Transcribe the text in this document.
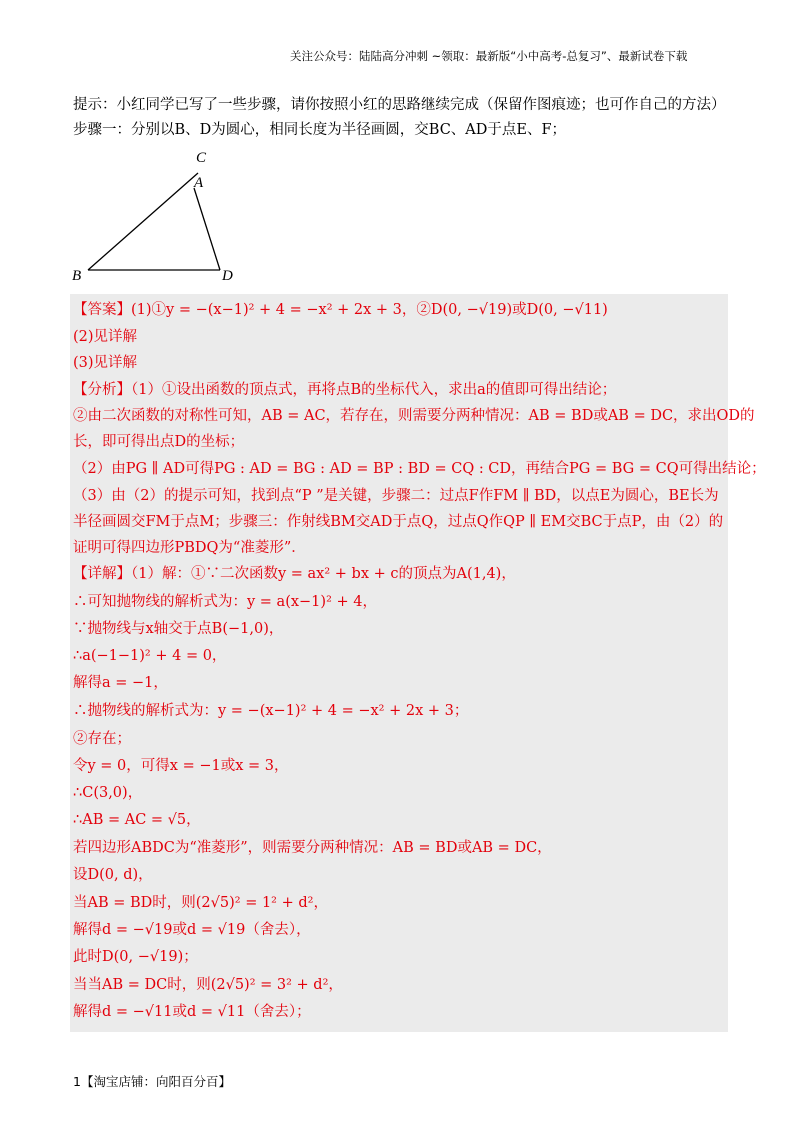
关注公众号：陆陆高分冲刺 ~领取：最新版“小中高考-总复习”、最新试卷下载
C
A
B	D
提示：小红同学已写了一些步骤，请你按照小红的思路继续完成（保留作图痕迹；也可作自己的方法）
步骤一：分别以B、D为圆心，相同长度为半径画圆，交BC、AD于点E、F；
【答案】(1)①y = −(x−1)² + 4 = −x² + 2x + 3，②D(0, −√19)或D(0, −√11)
(2)见详解
(3)见详解
【分析】（1）①设出函数的顶点式，再将点B的坐标代入，求出a的值即可得出结论；
②由二次函数的对称性可知，AB = AC，若存在，则需要分两种情况：AB = BD或AB = DC，求出OD的
长，即可得出点D的坐标；
（2）由PG ∥ AD可得PG : AD = BG : AD = BP : BD = CQ : CD，再结合PG = BG = CQ可得出结论；
（3）由（2）的提示可知，找到点“P ”是关键，步骤二：过点F作FM ∥ BD，以点E为圆心，BE长为
半径画圆交FM于点M；步骤三：作射线BM交AD于点Q，过点Q作QP ∥ EM交BC于点P，由（2）的
证明可得四边形PBDQ为“准菱形”．
【详解】（1）解：①∵二次函数y = ax² + bx + c的顶点为A(1,4)，
∴可知抛物线的解析式为：y = a(x−1)² + 4，
∵抛物线与x轴交于点B(−1,0)，
∴a(−1−1)² + 4 = 0，
解得a = −1，
∴抛物线的解析式为：y = −(x−1)² + 4 = −x² + 2x + 3；
②存在；
令y = 0，可得x = −1或x = 3，
∴C(3,0)，
∴AB = AC = √5，
若四边形ABDC为“准菱形”，则需要分两种情况：AB = BD或AB = DC，
设D(0, d)，
当AB = BD时，则(2√5)² = 1² + d²，
解得d = −√19或d = √19（舍去），
此时D(0, −√19)；
当当AB = DC时，则(2√5)² = 3² + d²，
解得d = −√11或d = √11（舍去）；
1【淘宝店铺：向阳百分百】
